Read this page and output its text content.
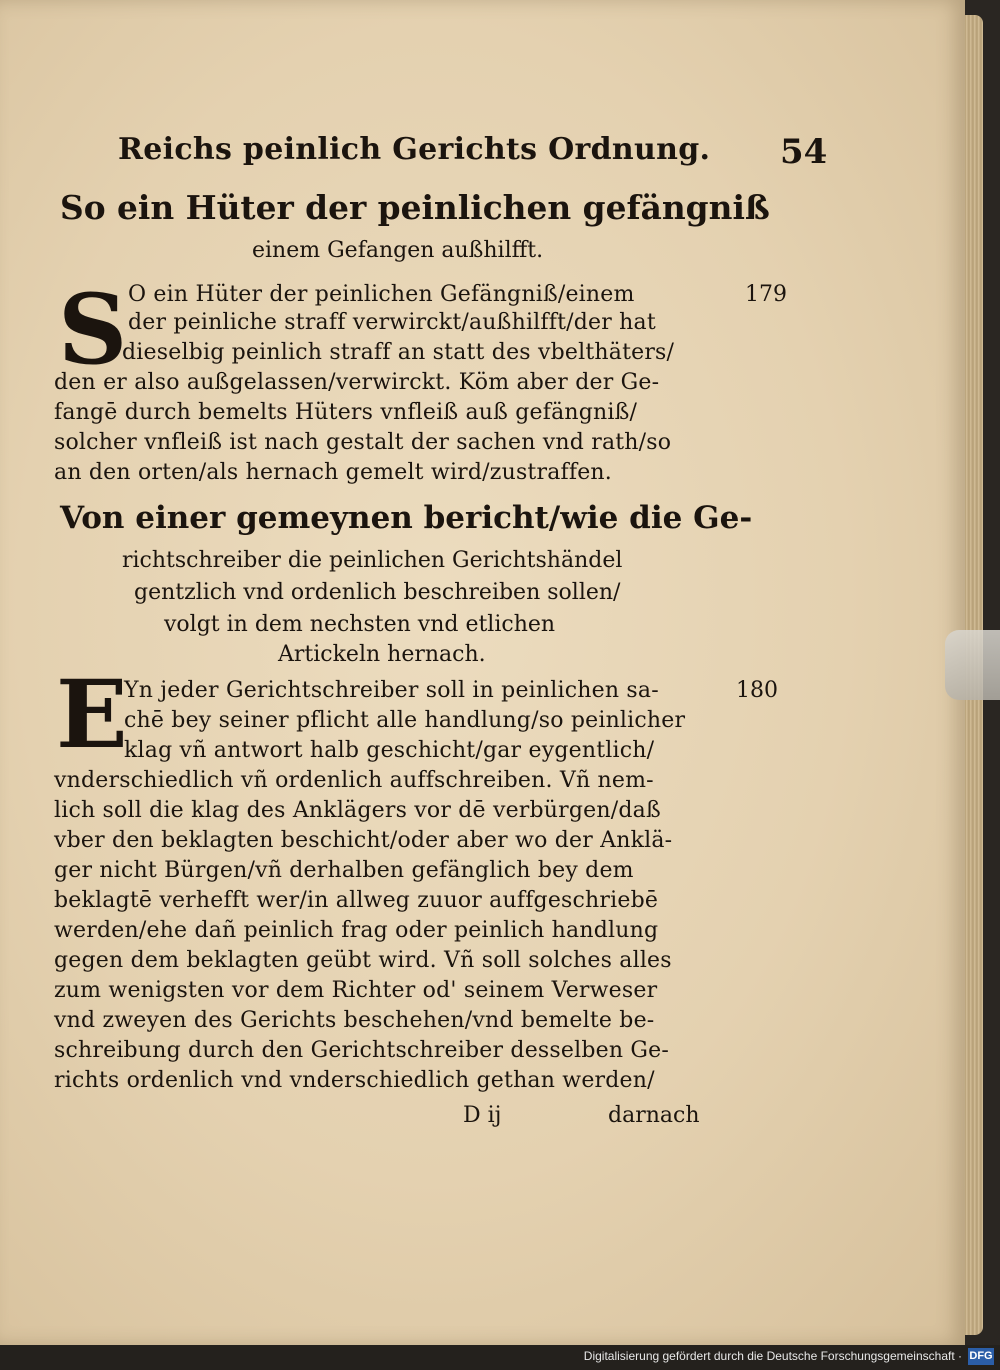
Reichs peinlich Gerichts Ordnung. 54
So ein Hüter der peinlichen gefängniß
einem Gefangen außhilfft.
S	179
O ein Hüter der peinlichen Gefängniß/einem
der peinliche straff verwirckt/außhilfft/der hat
dieselbig peinlich straff an statt des vbelthäters/
den er also außgelassen/verwirckt. Köm aber der Ge-
fangē durch bemelts Hüters vnfleiß auß gefängniß/
solcher vnfleiß ist nach gestalt der sachen vnd rath/so
an den orten/als hernach gemelt wird/zustraffen.
Von einer gemeynen bericht/wie die Ge-
richtschreiber die peinlichen Gerichtshändel
gentzlich vnd ordenlich beschreiben sollen/
volgt in dem nechsten vnd etlichen
Artickeln hernach.
E	180
Yn jeder Gerichtschreiber soll in peinlichen sa-
chē bey seiner pflicht alle handlung/so peinlicher
klag vñ antwort halb geschicht/gar eygentlich/
vnderschiedlich vñ ordenlich auffschreiben. Vñ nem-
lich soll die klag des Anklägers vor dē verbürgen/daß
vber den beklagten beschicht/oder aber wo der Anklä-
ger nicht Bürgen/vñ derhalben gefänglich bey dem
beklagtē verhefft wer/in allweg zuuor auffgeschriebē
werden/ehe dañ peinlich frag oder peinlich handlung
gegen dem beklagten geübt wird. Vñ soll solches alles
zum wenigsten vor dem Richter od' seinem Verweser
vnd zweyen des Gerichts beschehen/vnd bemelte be-
schreibung durch den Gerichtschreiber desselben Ge-
richts ordenlich vnd vnderschiedlich gethan werden/
D ij	darnach
Digitalisierung gefördert durch die Deutsche Forschungsgemeinschaft · DFG
